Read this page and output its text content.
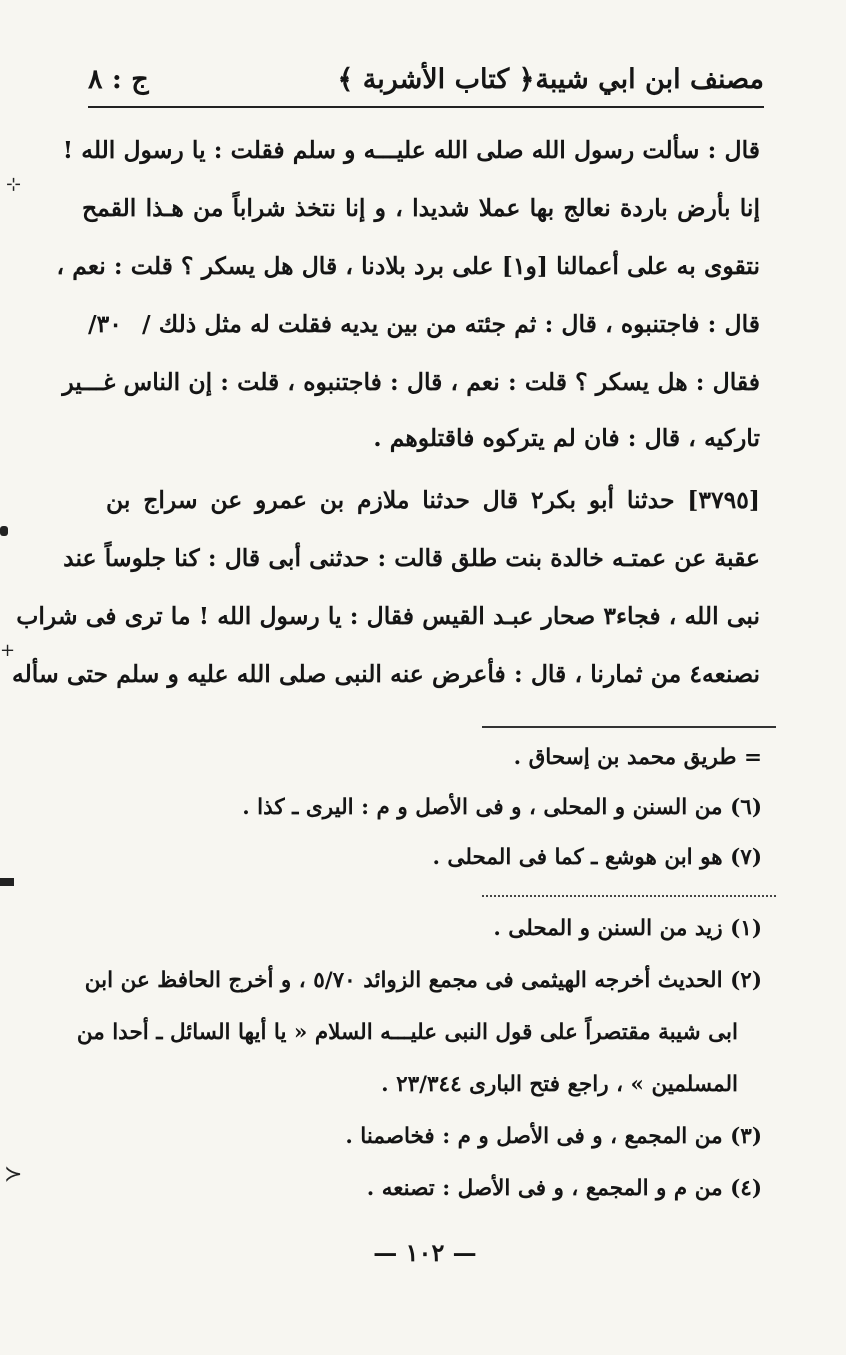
مصنف ابن ابي شيبة
﴿ كتاب الأشربة ﴾
ج : ٨
قال : سألت رسول الله صلى الله عليـــه و سلم فقلت : يا رسول الله !
إنا بأرض باردة نعالج بها عملا شديدا ، و إنا نتخذ شراباً من هـذا القمح
نتقوى به على أعمالنا [و١] على برد بلادنا ، قال هل يسكر ؟ قلت : نعم ،
قال : فاجتنبوه ، قال : ثم جئته من بين يديه فقلت له مثل ذلك /
فقال : هل يسكر ؟ قلت : نعم ، قال : فاجتنبوه ، قلت : إن الناس غـــير
تاركيه ، قال : فان لم يتركوه فاقتلوهم .
[٣٧٩٥] حدثنا أبو بكر٢ قال حدثنا ملازم بن عمرو عن سراج بن
عقبة عن عمتـه خالدة بنت طلق قالت : حدثنى أبى قال : كنا جلوساً عند
نبى الله ، فجاء٣ صحار عبـد القيس فقال : يا رسول الله ! ما ترى فى شراب
نصنعه٤ من ثمارنا ، قال : فأعرض عنه النبى صلى الله عليه و سلم حتى سأله
٣٠/
= طريق محمد بن إسحاق .
(٦) من السنن و المحلى ، و فى الأصل و م : اليرى ـ كذا .
(٧) هو ابن هوشع ـ كما فى المحلى .
(١) زيد من السنن و المحلى .
(٢) الحديث أخرجه الهيثمى فى مجمع الزوائد ٥/٧٠ ، و أخرج الحافظ عن ابن
ابى شيبة مقتصراً على قول النبى عليـــه السلام « يا أيها السائل ـ أحدا من
المسلمين » ، راجع فتح البارى ٢٣/٣٤٤ .
(٣) من المجمع ، و فى الأصل و م : فخاصمنا .
(٤) من م و المجمع ، و فى الأصل : تصنعه .
— ١٠٢ —
⊹
+
≻
